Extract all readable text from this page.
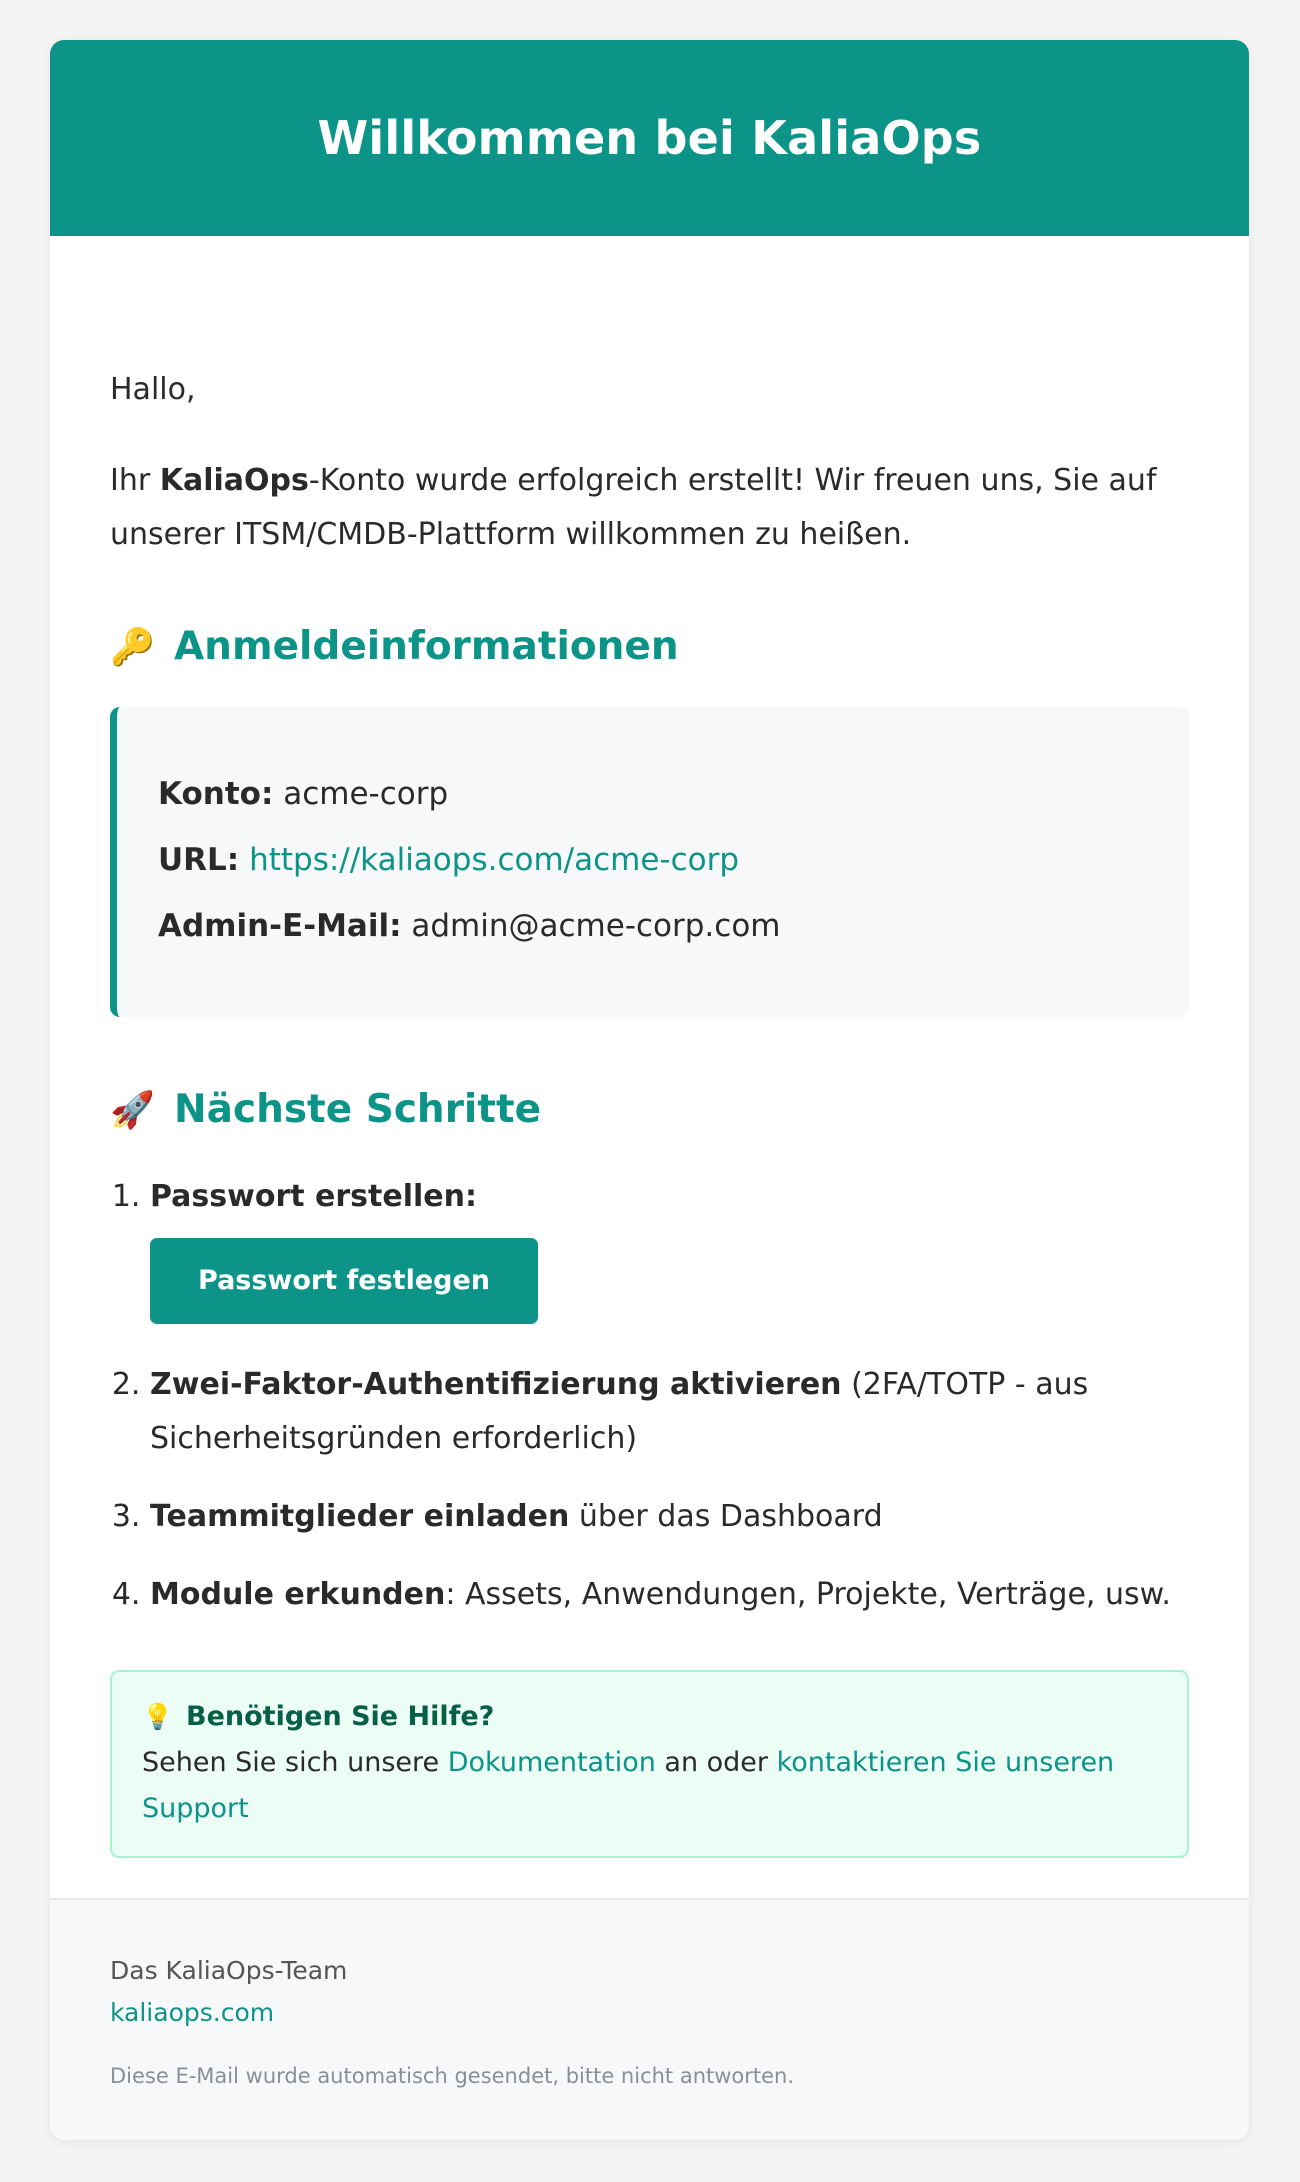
Willkommen bei KaliaOps

Hallo,

Ihr KaliaOps-Konto wurde erfolgreich erstellt! Wir freuen uns, Sie auf unserer ITSM/CMDB-Plattform willkommen zu heißen.

🔑 Anmeldeinformationen
Konto: acme-corp
URL: https://kaliaops.com/acme-corp
Admin-E-Mail: admin@acme-corp.com
🚀 Nächste Schritte
1. Passwort erstellen:
Passwort festlegen
2. Zwei-Faktor-Authentifizierung aktivieren (2FA/TOTP - aus Sicherheitsgründen erforderlich)
3. Teammitglieder einladen über das Dashboard
4. Module erkunden: Assets, Anwendungen, Projekte, Verträge, usw.
💡 Benötigen Sie Hilfe?
Sehen Sie sich unsere Dokumentation an oder kontaktieren Sie unseren Support
Das KaliaOps-Team
kaliaops.com
Diese E-Mail wurde automatisch gesendet, bitte nicht antworten.
